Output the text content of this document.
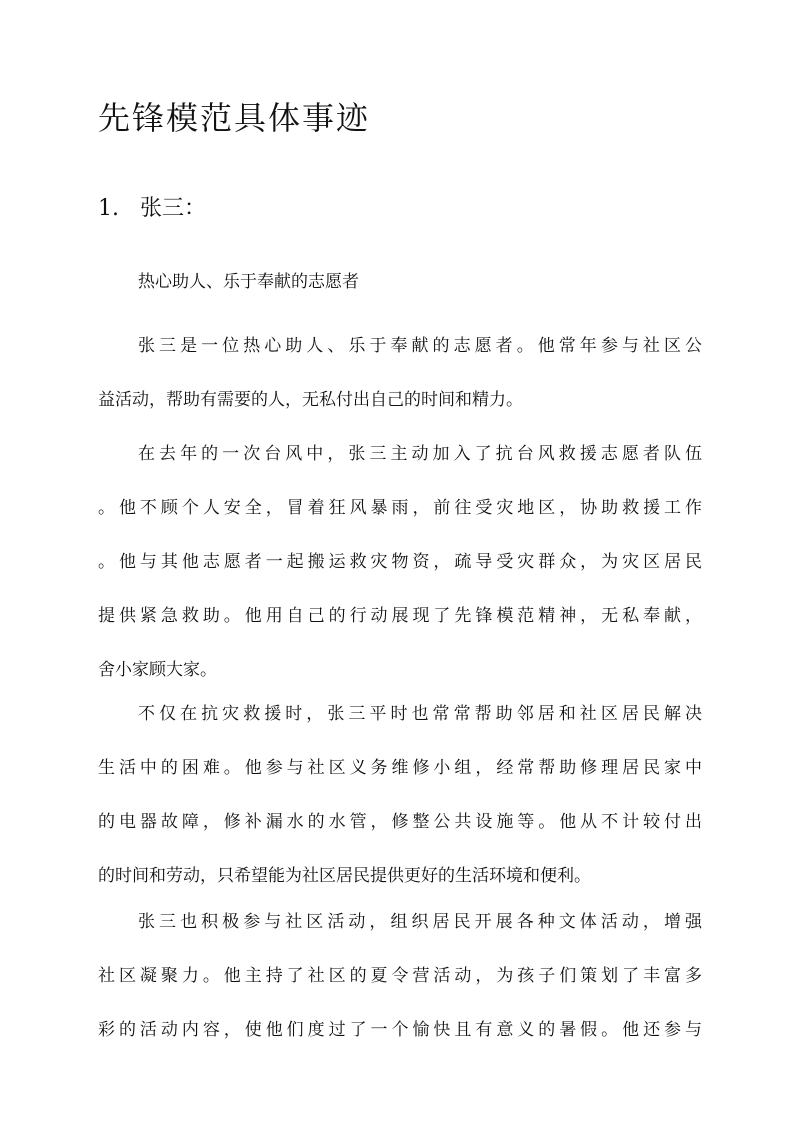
先锋模范具体事迹
1. 张三：
热心助人、乐于奉献的志愿者
张三是一位热心助人、乐于奉献的志愿者。他常年参与社区公
益活动，帮助有需要的人，无私付出自己的时间和精力。
在去年的一次台风中，张三主动加入了抗台风救援志愿者队伍
。他不顾个人安全，冒着狂风暴雨，前往受灾地区，协助救援工作
。他与其他志愿者一起搬运救灾物资，疏导受灾群众，为灾区居民
提供紧急救助。他用自己的行动展现了先锋模范精神，无私奉献，
舍小家顾大家。
不仅在抗灾救援时，张三平时也常常帮助邻居和社区居民解决
生活中的困难。他参与社区义务维修小组，经常帮助修理居民家中
的电器故障，修补漏水的水管，修整公共设施等。他从不计较付出
的时间和劳动，只希望能为社区居民提供更好的生活环境和便利。
张三也积极参与社区活动，组织居民开展各种文体活动，增强
社区凝聚力。他主持了社区的夏令营活动，为孩子们策划了丰富多
彩的活动内容，使他们度过了一个愉快且有意义的暑假。他还参与
